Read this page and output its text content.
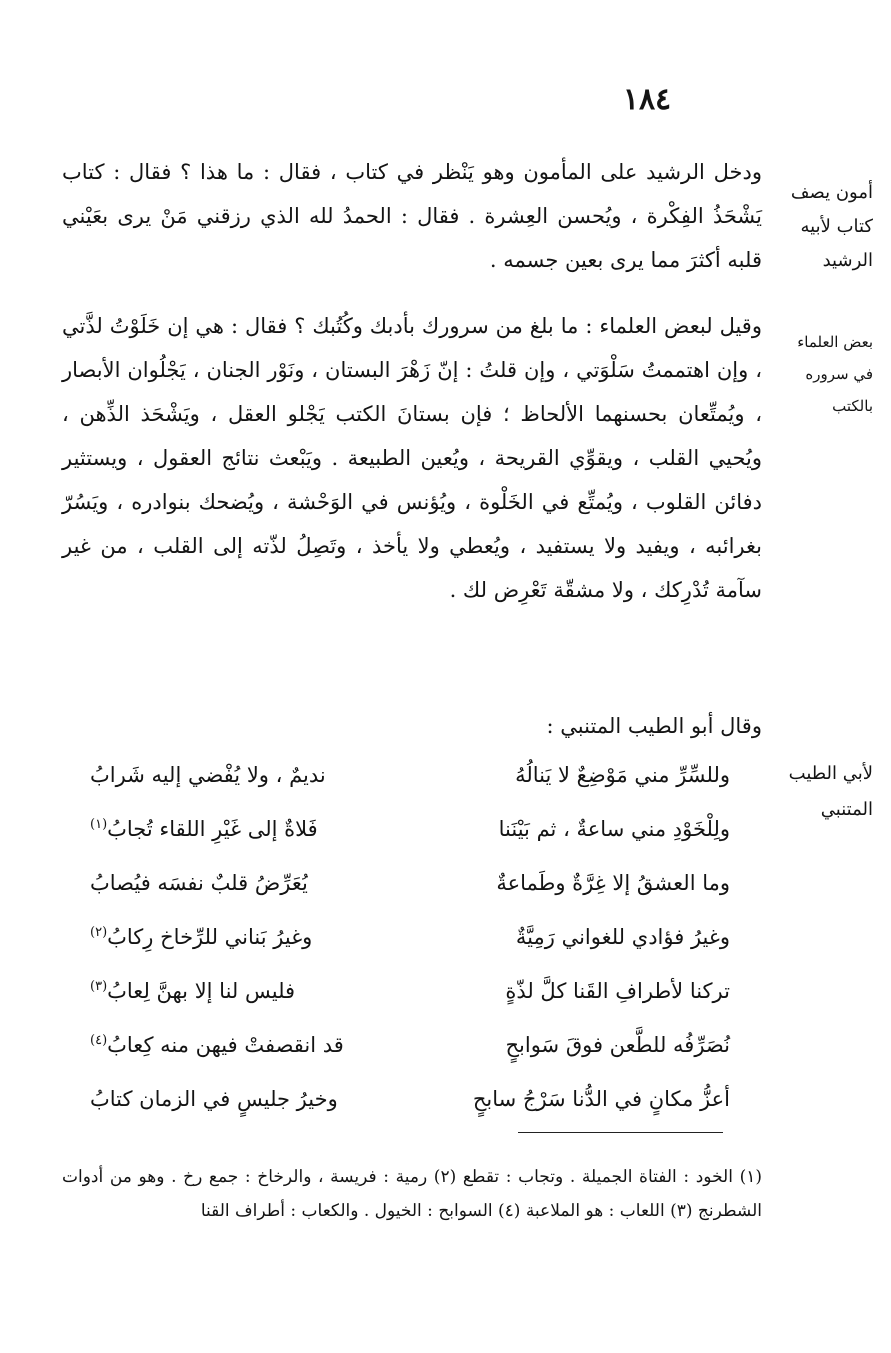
١٨٤
أمون يصف كتاب لأبيه الرشيد
بعض العلماء في سروره بالكتب
لأبي الطيب المتنبي

ودخل الرشيد على المأمون وهو يَنْظر في كتاب ، فقال : ما هذا ؟ فقال : كتاب يَشْحَذُ الفِكْرة ، ويُحسن العِشرة . فقال : الحمدُ لله الذي رزقني مَنْ يرى بعَيْني قلبه أكثرَ مما يرى بعين جسمه .

وقيل لبعض العلماء : ما بلغ من سرورك بأدبك وكُتُبك ؟ فقال : هي إن خَلَوْتُ لذَّتي ، وإن اهتممتُ سَلْوَتي ، وإن قلتُ : إنّ زَهْرَ البستان ، ونَوْر الجنان ، يَجْلُوان الأبصار ، ويُمتِّعان بحسنهما الألحاظ ؛ فإن بستانَ الكتب يَجْلو العقل ، ويَشْحَذ الذِّهن ، ويُحيي القلب ، ويقوِّي القريحة ، ويُعين الطبيعة . ويَبْعث نتائج العقول ، ويستثير دفائن القلوب ، ويُمتِّع في الخَلْوة ، ويُؤنس في الوَحْشة ، ويُضحك بنوادره ، ويَسُرّ بغرائبه ، ويفيد ولا يستفيد ، ويُعطي ولا يأخذ ، وتَصِلُ لذّته إلى القلب ، من غير سآمة تُدْرِكك ، ولا مشقّة تَعْرِض لك .

وقال أبو الطيب المتنبي :

وللسِّرِّ مني مَوْضِعٌ لا يَنالُهُ
نديمٌ ، ولا يُفْضي إليه شَرابُ
ولِلْخَوْدِ مني ساعةٌ ، ثم بَيْنَنا
فَلاةٌ إلى غَيْرِ اللقاء تُجابُ$^{(١)}$
وما العشقُ إلا غِرَّةٌ وطَماعةٌ
يُعَرِّضُ قلبٌ نفسَه فيُصابُ
وغيرُ فؤادي للغواني رَمِيَّةٌ
وغيرُ بَناني للرِّخاخ رِكابُ$^{(٢)}$
تركنا لأطرافِ القَنا كلَّ لذّةٍ
فليس لنا إلا بهنَّ لِعابُ$^{(٣)}$
نُصَرِّفُه للطَّعن فوقَ سَوابحٍ
قد انقصفتْ فيهن منه كِعابُ$^{(٤)}$
أعزُّ مكانٍ في الدُّنا سَرْجُ سابحٍ
وخيرُ جليسٍ في الزمان كتابُ

(١) الخود : الفتاة الجميلة . وتجاب : تقطع (٢) رمية : فريسة ، والرخاخ : جمع رخ . وهو من أدوات الشطرنج (٣) اللعاب : هو الملاعبة (٤) السوابح : الخيول . والكعاب : أطراف القنا
